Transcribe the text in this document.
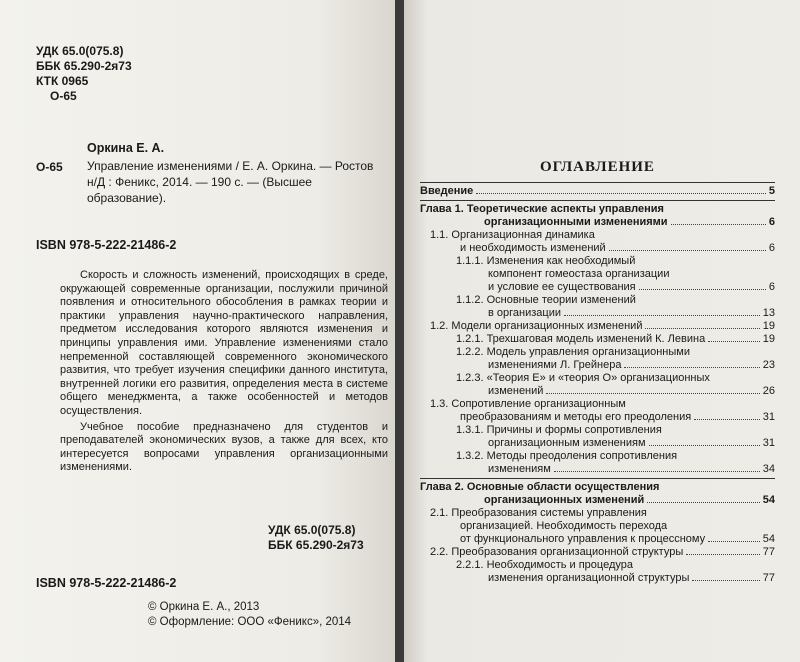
УДК 65.0(075.8)
ББК 65.290-2я73
КТК 0965
О-65
Оркина Е. А.
О-65 Управление изменениями / Е. А. Оркина. — Ростов н/Д : Феникс, 2014. — 190 с. — (Высшее образование).
ISBN 978-5-222-21486-2

Скорость и сложность изменений, происходящих в среде, окружающей современные организации, послужили причиной появления и относительного обособления в рамках теории и практики управления научно-практического направления, предметом исследования которого являются изменения и принципы управления ими. Управление изменениями стало непременной составляющей современного экономического развития, что требует изучения специфики данного института, внутренней логики его развития, определения места в системе общего менеджмента, а также особенностей и методов осуществления.

Учебное пособие предназначено для студентов и преподавателей экономических вузов, а также для всех, кто интересуется вопросами управления организационными изменениями.

УДК 65.0(075.8)
ББК 65.290-2я73
ISBN 978-5-222-21486-2
© Оркина Е. А., 2013
© Оформление: ООО «Феникс», 2014
ОГЛАВЛЕНИЕ
Введение	5
Глава 1. Теоретические аспекты управления
организационными изменениями	6
1.1. Организационная динамика
и необходимость изменений	6
1.1.1. Изменения как необходимый
компонент гомеостаза организации
и условие ее существования	6
1.1.2. Основные теории изменений
в организации	13
1.2. Модели организационных изменений	19
1.2.1. Трехшаговая модель изменений К. Левина	19
1.2.2. Модель управления организационными
изменениями Л. Грейнера	23
1.2.3. «Теория Е» и «теория О» организационных
изменений	26
1.3. Сопротивление организационным
преобразованиям и методы его преодоления	31
1.3.1. Причины и формы сопротивления
организационным изменениям	31
1.3.2. Методы преодоления сопротивления
изменениям	34
Глава 2. Основные области осуществления
организационных изменений	54
2.1. Преобразования системы управления
организацией. Необходимость перехода
от функционального управления к процессному	54
2.2. Преобразования организационной структуры	77
2.2.1. Необходимость и процедура
изменения организационной структуры	77
